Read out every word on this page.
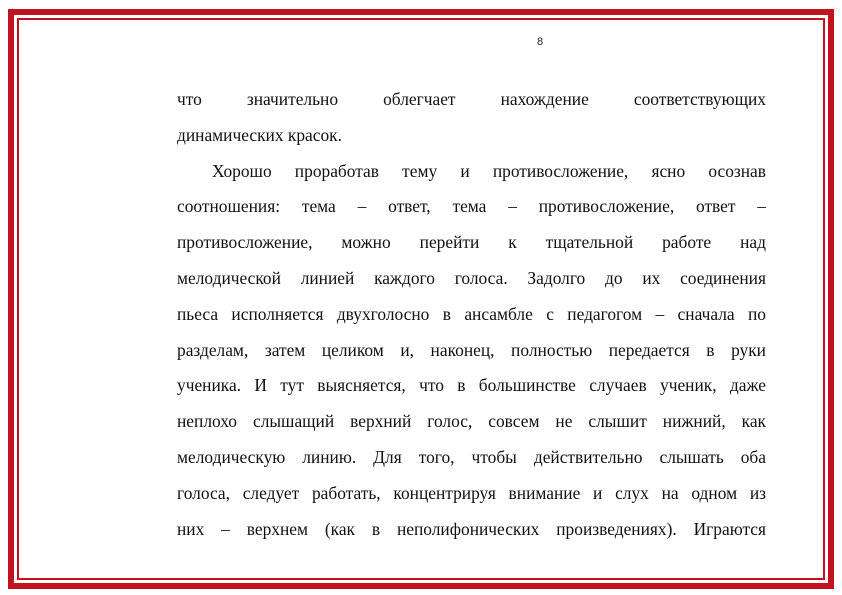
8
что значительно облегчает нахождение соответствующих
динамических красок.
Хорошо проработав тему и противосложение, ясно осознав
соотношения: тема – ответ, тема – противосложение, ответ –
противосложение, можно перейти к тщательной работе над
мелодической линией каждого голоса. Задолго до их соединения
пьеса исполняется двухголосно в ансамбле с педагогом – сначала по
разделам, затем целиком и, наконец, полностью передается в руки
ученика. И тут выясняется, что в большинстве случаев ученик, даже
неплохо слышащий верхний голос, совсем не слышит нижний, как
мелодическую линию. Для того, чтобы действительно слышать оба
голоса, следует работать, концентрируя внимание и слух на одном из
них – верхнем (как в неполифонических произведениях). Играются
